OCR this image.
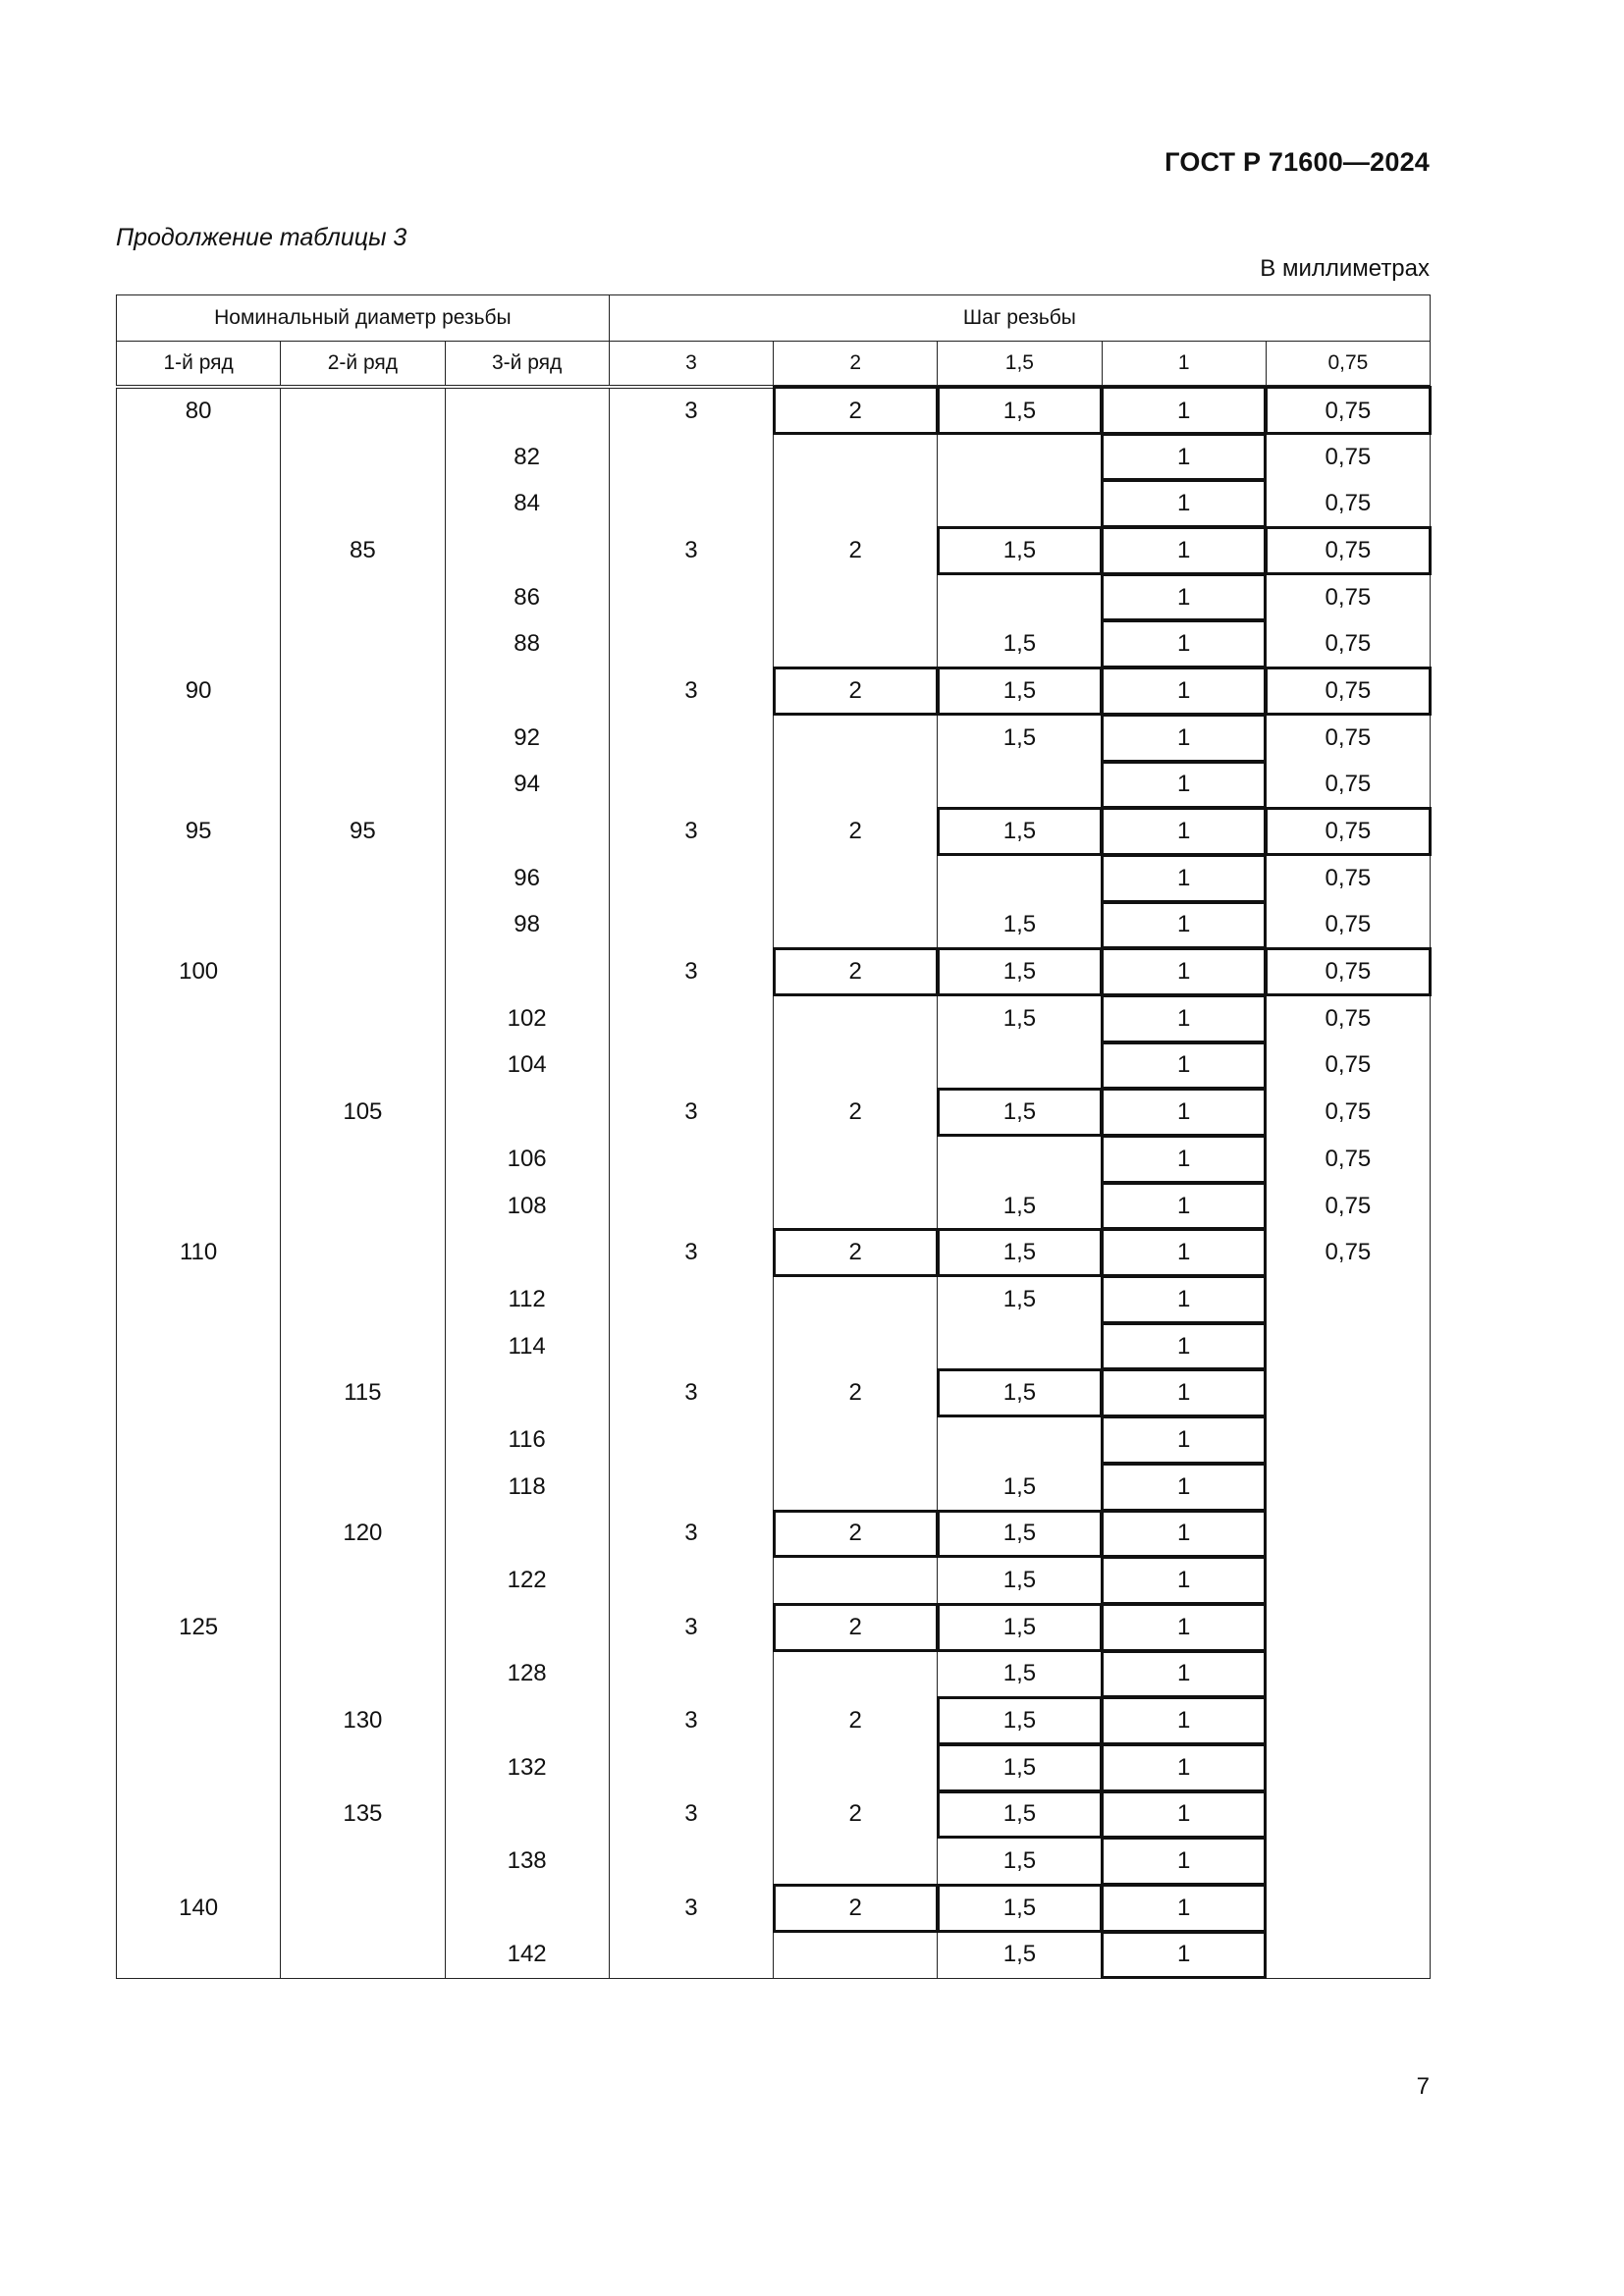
ГОСТ Р 71600—2024
Продолжение таблицы 3
В миллиметрах
Номинальный диаметр резьбы			Шаг резьбы				
1-й ряд	2-й ряд	3-й ряд	3	2	1,5	1	0,75
80			3	2	1,5	1	0,75
		82				1	0,75
		84				1	0,75
	85		3	2	1,5	1	0,75
		86				1	0,75
		88			1,5	1	0,75
90			3	2	1,5	1	0,75
		92			1,5	1	0,75
		94				1	0,75
95	95		3	2	1,5	1	0,75
		96				1	0,75
		98			1,5	1	0,75
100			3	2	1,5	1	0,75
		102			1,5	1	0,75
		104				1	0,75
	105		3	2	1,5	1	0,75
		106				1	0,75
		108			1,5	1	0,75
110			3	2	1,5	1	0,75
		112			1,5	1	
		114				1	
	115		3	2	1,5	1	
		116				1	
		118			1,5	1	
	120		3	2	1,5	1	
		122			1,5	1	
125			3	2	1,5	1	
		128			1,5	1	
	130		3	2	1,5	1	
		132			1,5	1	
	135		3	2	1,5	1	
		138			1,5	1	
140			3	2	1,5	1	
		142			1,5	1	
7
